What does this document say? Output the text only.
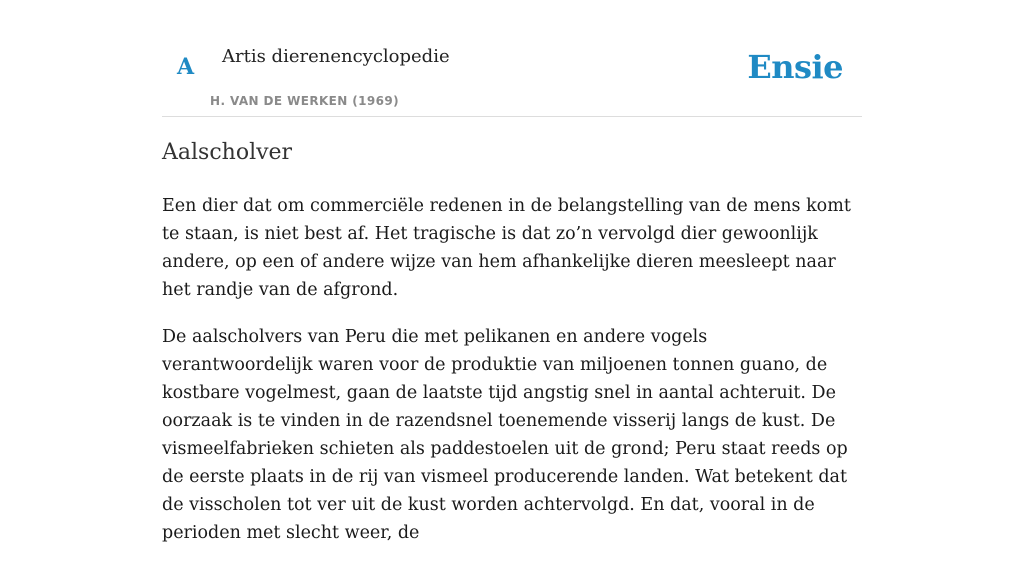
A Artis dierenencyclopedie
H. VAN DE WERKEN (1969)
Ensie
Aalscholver

Een dier dat om commerciële redenen in de belangstelling van de mens komt te staan, is niet best af. Het tragische is dat zo’n vervolgd dier gewoonlijk andere, op een of andere wijze van hem afhankelijke dieren meesleept naar het randje van de afgrond.

De aalscholvers van Peru die met pelikanen en andere vogels verantwoordelijk waren voor de produktie van miljoenen tonnen guano, de kostbare vogelmest, gaan de laatste tijd angstig snel in aantal achteruit. De oorzaak is te vinden in de razendsnel toenemende visserij langs de kust. De vismeelfabrieken schieten als paddestoelen uit de grond; Peru staat reeds op de eerste plaats in de rij van vismeel producerende landen. Wat betekent dat de visscholen tot ver uit de kust worden achtervolgd. En dat, vooral in de perioden met slecht weer, de
